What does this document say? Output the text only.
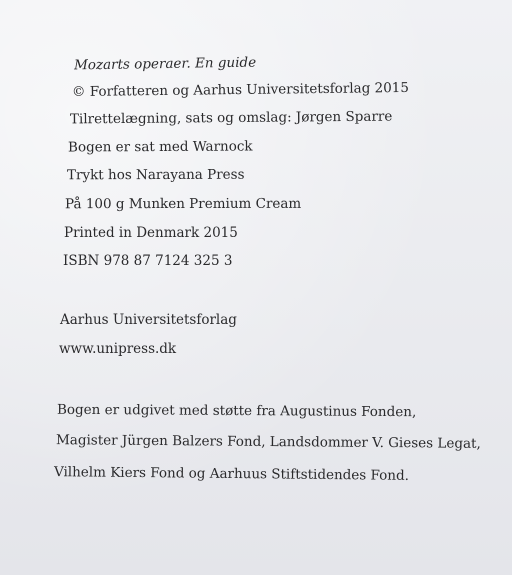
Mozarts operaer. En guide
© Forfatteren og Aarhus Universitetsforlag 2015
Tilrettelægning, sats og omslag: Jørgen Sparre
Bogen er sat med Warnock
Trykt hos Narayana Press
På 100 g Munken Premium Cream
Printed in Denmark 2015
ISBN 978 87 7124 325 3
Aarhus Universitetsforlag
www.unipress.dk
Bogen er udgivet med støtte fra Augustinus Fonden,
Magister Jürgen Balzers Fond, Landsdommer V. Gieses Legat,
Vilhelm Kiers Fond og Aarhuus Stiftstidendes Fond.
